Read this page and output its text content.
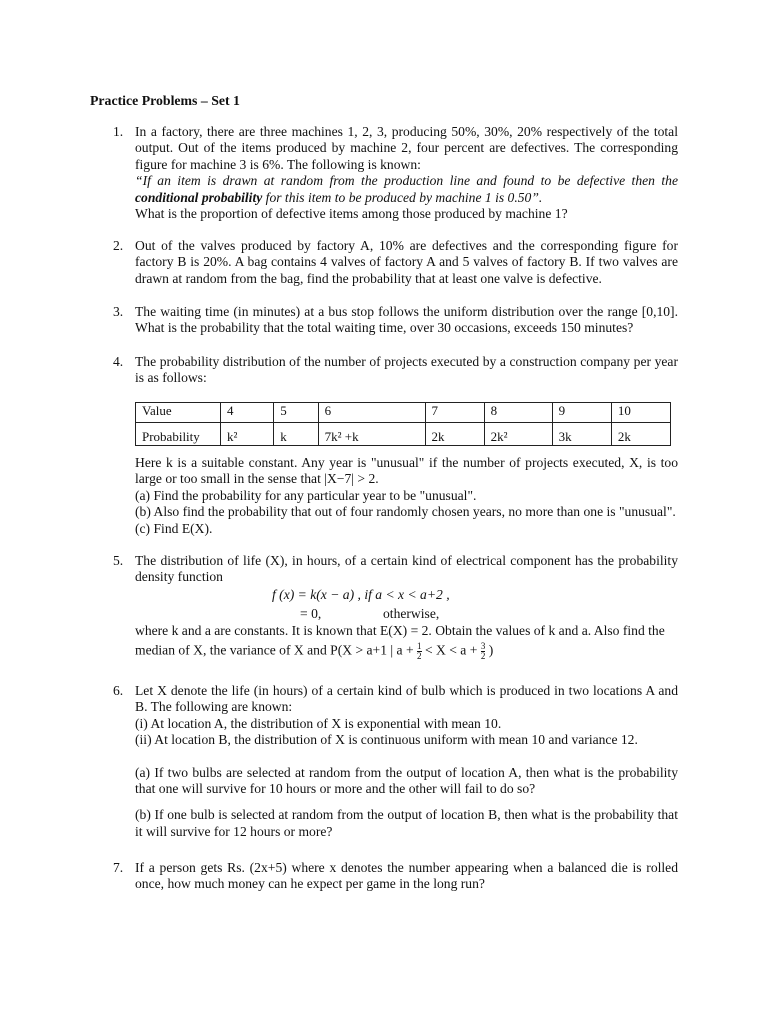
Practice Problems – Set 1
1. In a factory, there are three machines 1, 2, 3, producing 50%, 30%, 20% respectively of the total output. Out of the items produced by machine 2, four percent are defectives. The corresponding figure for machine 3 is 6%. The following is known:

“If an item is drawn at random from the production line and found to be defective then the conditional probability for this item to be produced by machine 1 is 0.50”.

What is the proportion of defective items among those produced by machine 1?

2. Out of the valves produced by factory A, 10% are defectives and the corresponding figure for factory B is 20%. A bag contains 4 valves of factory A and 5 valves of factory B. If two valves are drawn at random from the bag, find the probability that at least one valve is defective.

3. The waiting time (in minutes) at a bus stop follows the uniform distribution over the range [0,10]. What is the probability that the total waiting time, over 30 occasions, exceeds 150 minutes?

4. The probability distribution of the number of projects executed by a construction company per year is as follows:

Value	4	5	6	7	8	9	10
Probability	k²	k	7k² +k	2k	2k²	3k	2k

Here k is a suitable constant. Any year is "unusual" if the number of projects executed, X, is too large or too small in the sense that |X−7| > 2.

(a) Find the probability for any particular year to be "unusual".

(b) Also find the probability that out of four randomly chosen years, no more than one is "unusual".

(c) Find E(X).

5. The distribution of life (X), in hours, of a certain kind of electrical component has the probability density function

f (x) = k(x − a) , if a < x < a+2 ,
= 0,	otherwise,

where k and a are constants. It is known that E(X) = 2. Obtain the values of k and a. Also find the

median of X, the variance of X and P(X > a+1 | $a + \frac{1}{2} < X < a + \frac{3}{2}$ )

6. Let X denote the life (in hours) of a certain kind of bulb which is produced in two locations A and B. The following are known:

(i) At location A, the distribution of X is exponential with mean 10.

(ii) At location B, the distribution of X is continuous uniform with mean 10 and variance 12.

(a) If two bulbs are selected at random from the output of location A, then what is the probability that one will survive for 10 hours or more and the other will fail to do so?

(b) If one bulb is selected at random from the output of location B, then what is the probability that it will survive for 12 hours or more?

7. If a person gets Rs. (2x+5) where x denotes the number appearing when a balanced die is rolled once, how much money can he expect per game in the long run?
